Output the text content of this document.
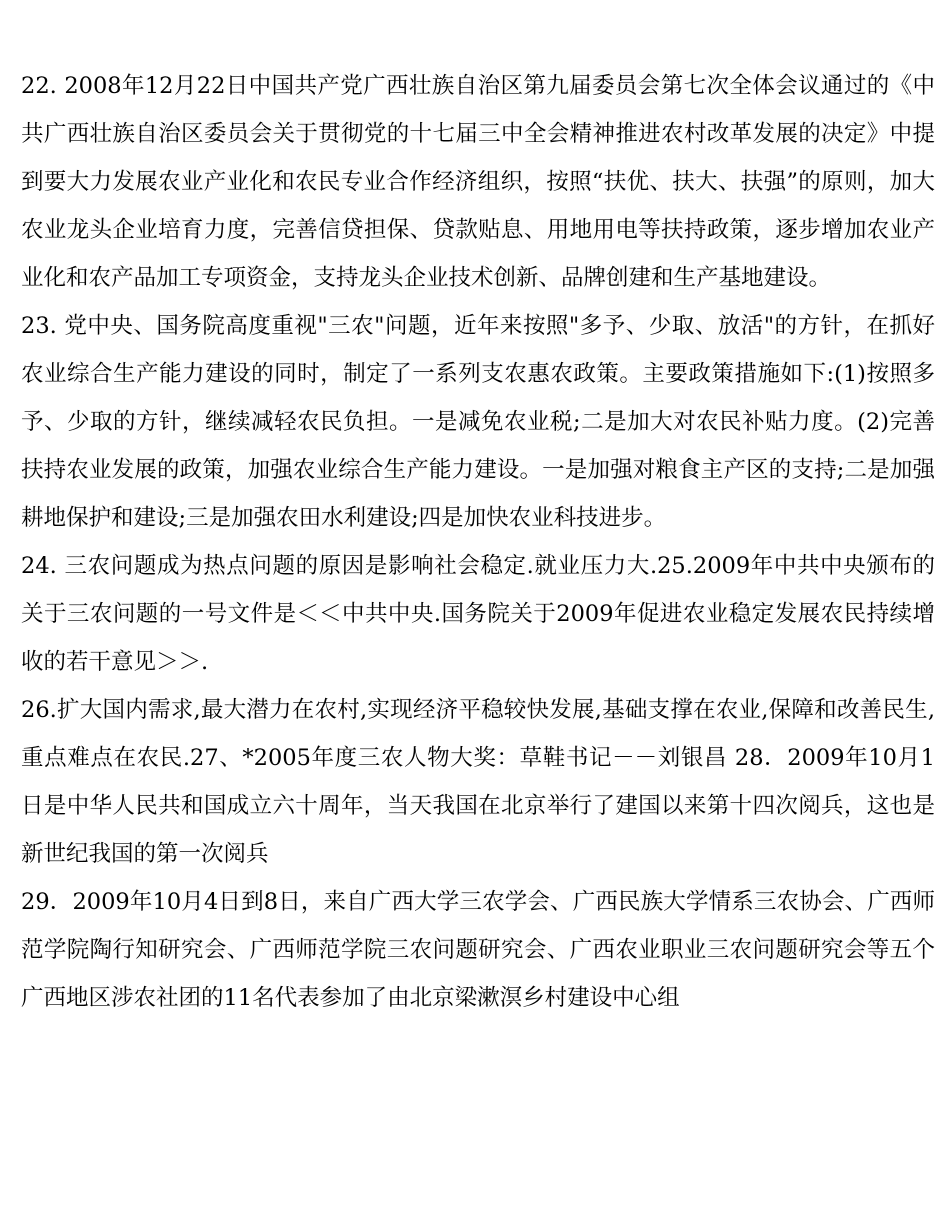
22. 2008年12月22日中国共产党广西壮族自治区第九届委员会第七次全体会议通过的《中共广西壮族自治区委员会关于贯彻党的十七届三中全会精神推进农村改革发展的决定》中提到要大力发展农业产业化和农民专业合作经济组织，按照“扶优、扶大、扶强”的原则，加大农业龙头企业培育力度，完善信贷担保、贷款贴息、用地用电等扶持政策，逐步增加农业产业化和农产品加工专项资金，支持龙头企业技术创新、品牌创建和生产基地建设。

23. 党中央、国务院高度重视"三农"问题，近年来按照"多予、少取、放活"的方针，在抓好农业综合生产能力建设的同时，制定了一系列支农惠农政策。主要政策措施如下:(1)按照多予、少取的方针，继续减轻农民负担。一是减免农业税;二是加大对农民补贴力度。(2)完善扶持农业发展的政策，加强农业综合生产能力建设。一是加强对粮食主产区的支持;二是加强耕地保护和建设;三是加强农田水利建设;四是加快农业科技进步。

24. 三农问题成为热点问题的原因是影响社会稳定.就业压力大.25.2009年中共中央颁布的关于三农问题的一号文件是＜＜中共中央.国务院关于2009年促进农业稳定发展农民持续增收的若干意见＞＞.

26.扩大国内需求,最大潜力在农村,实现经济平稳较快发展,基础支撑在农业,保障和改善民生,重点难点在农民.27、*2005年度三农人物大奖：草鞋书记－－刘银昌 28．2009年10月1日是中华人民共和国成立六十周年，当天我国在北京举行了建国以来第十四次阅兵，这也是新世纪我国的第一次阅兵

29．2009年10月4日到8日，来自广西大学三农学会、广西民族大学情系三农协会、广西师范学院陶行知研究会、广西师范学院三农问题研究会、广西农业职业三农问题研究会等五个广西地区涉农社团的11名代表参加了由北京梁漱溟乡村建设中心组
